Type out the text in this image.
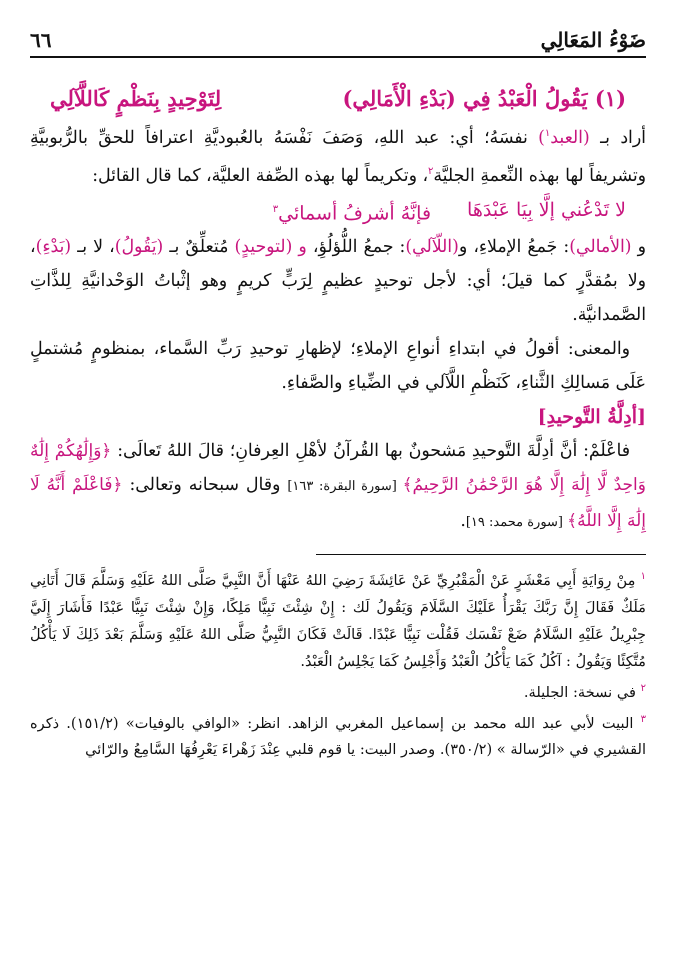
ضَوْءُ المَعَالِي
٦٦
(١) يَقُولُ الْعَبْدُ فِي (بَدْءِ الْأَمَالِي)
لِتَوْحِيدٍ بِنَظْمٍ كَاللَّآلِي

أراد بـ (العبد$^١$) نفسَهُ؛ أي: عبد اللهِ، وَصَفَ نَفْسَهُ بالعُبوديَّةِ اعترافاً للحقِّ بالرُّبوبيَّةِ وتشريفاً لها بهذه النِّعمةِ الجليَّة$^٢$، وتكريماً لها بهذه الصِّفة العليَّة، كما قال القائل:

لا تَدْعُني إلَّا بِيَا عَبْدَهَا
فإنَّهُ أشرفُ أسمائي$^٣$

و (الأمالي): جَمعُ الإملاءِ، و(اللّآلي): جمعُ اللُّؤلُؤِ، و (لتوحيدٍ) مُتعلِّقٌ بـ (يَقُولُ)، لا بـ (بَدْءِ)، ولا بمُقدَّرٍ كما قيلَ؛ أي: لأجل توحيدٍ عظيمٍ لِرَبٍّ كريمٍ وهو إثْباتُ الوَحْدانيَّةِ لِلذَّاتِ الصَّمدانيَّة.

والمعنى: أقولُ في ابتداءِ أنواعِ الإملاءِ؛ لإظهارِ توحيدِ رَبِّ السَّماء، بمنظومٍ مُشتملٍ عَلَى مَسالِكِ الثَّناءِ، كَنَظْمِ اللَّآلي في الضِّياءِ والصَّفاءِ.

[أدِلَّةُ التَّوحيدِ]

فاعْلَمْ: أنَّ أدِلَّةَ التَّوحيدِ مَشحونٌ بها القُرآنُ لأهْلِ العِرفانِ؛ قالَ اللهُ تَعالَى: ﴿وَإِلَٰهُكُمْ إِلَٰهٌ وَاحِدٌ لَّا إِلَٰهَ إِلَّا هُوَ الرَّحْمَٰنُ الرَّحِيمُ﴾ [سورة البقرة: ١٦٣] وقال سبحانه وتعالى: ﴿فَاعْلَمْ أَنَّهُ لَا إِلَٰهَ إِلَّا اللَّهُ﴾ [سورة محمد: ١٩].

$^١$ مِنْ رِوَايَةِ أَبِي مَعْشَرٍ عَنْ الْمَقْبُرِيِّ عَنْ عَائِشَةَ رَضِيَ اللهُ عَنْهَا أَنَّ النَّبِيَّ صَلَّى اللهُ عَلَيْهِ وَسَلَّمَ قَالَ أَتَانِي مَلَكٌ فَقَالَ إِنَّ رَبَّكَ يَقْرَأُ عَلَيْكَ السَّلَامَ وَيَقُولُ لَك : إِنْ شِئْتَ نَبِيًّا مَلِكًا، وَإِنْ شِئْتَ نَبِيًّا عَبْدًا فَأَشَارَ إِلَيَّ جِبْرِيلُ عَلَيْهِ السَّلَامُ ضَعْ نَفْسَك فَقُلْت نَبِيًّا عَبْدًا. قَالَتْ فَكَانَ النَّبِيُّ صَلَّى اللهُ عَلَيْهِ وَسَلَّمَ بَعْدَ ذَلِكَ لَا يَأْكُلُ مُتَّكِئًا وَيَقُولُ : آكُلُ كَمَا يَأْكُلُ الْعَبْدُ وَأَجْلِسُ كَمَا يَجْلِسُ الْعَبْدُ.

$^٢$ في نسخة: الجليلة.

$^٣$ البيت لأبي عبد الله محمد بن إسماعيل المغربي الزاهد. انظر: «الوافي بالوفيات» (١٥١/٢). ذكره القشيري في «الرّسالة » (٣٥٠/٢). وصدر البيت: يا قوم قلبي عِنْدَ زَهْراءَ يَعْرِفُهَا السَّامِعُ والرّائي
